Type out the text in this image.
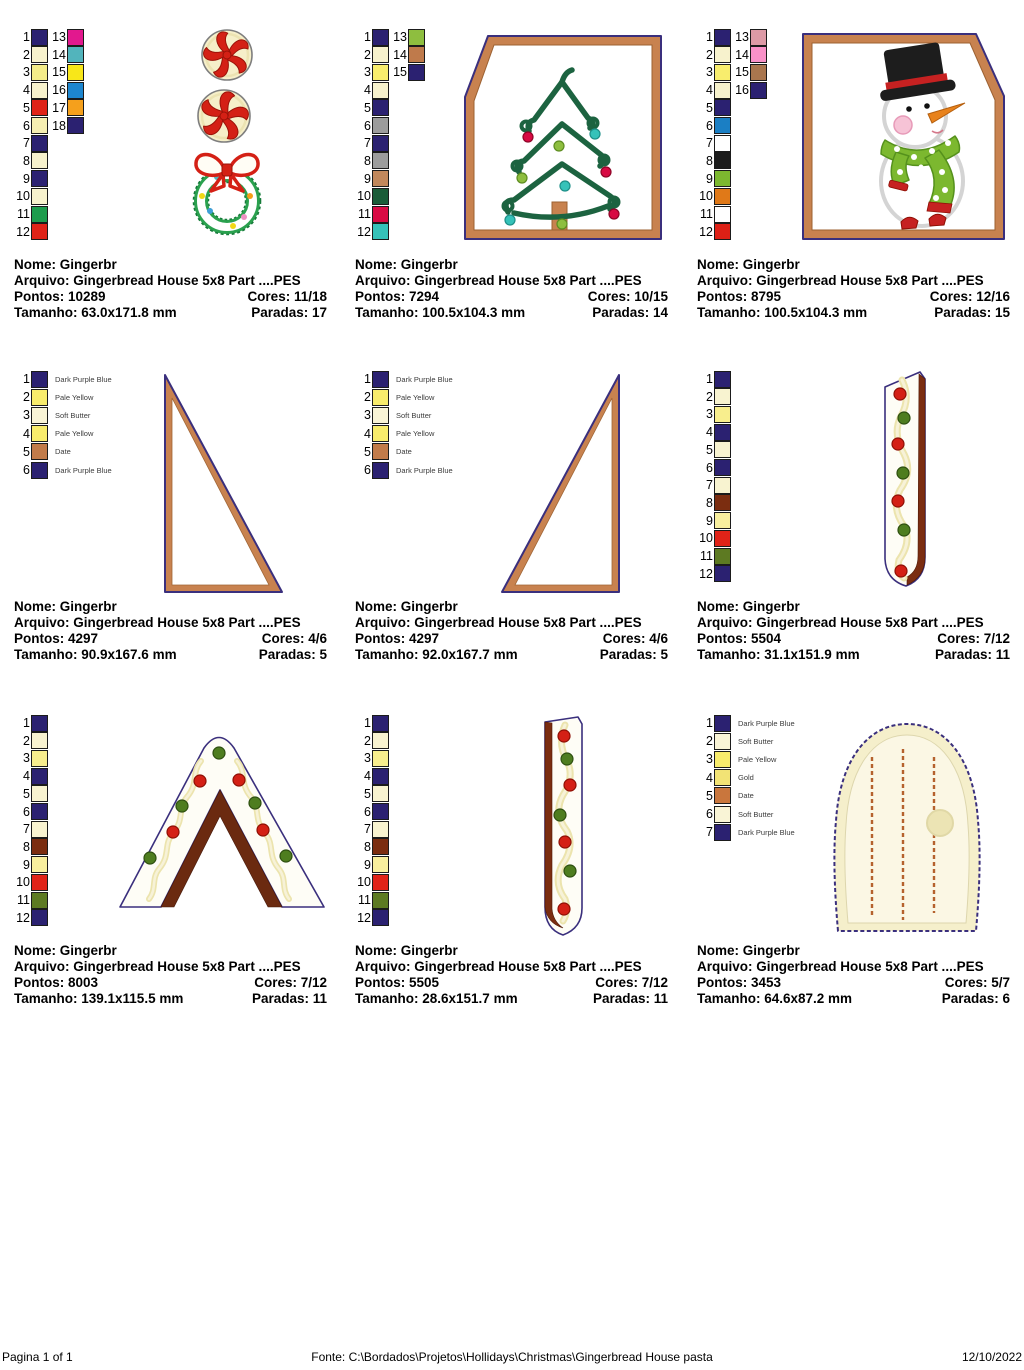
1
2
3
4
5
6
7
8
9
10
11
12
13
14
15
16
17
18
Nome: Gingerbr
Arquivo: Gingerbread House 5x8 Part ....PES
Pontos: 10289	Cores: 11/18
Tamanho: 63.0x171.8 mm	Paradas: 17
1
2
3
4
5
6
7
8
9
10
11
12
13
14
15
Nome: Gingerbr
Arquivo: Gingerbread House 5x8 Part ....PES
Pontos: 7294	Cores: 10/15
Tamanho: 100.5x104.3 mm	Paradas: 14
1
2
3
4
5
6
7
8
9
10
11
12
13
14
15
16
Nome: Gingerbr
Arquivo: Gingerbread House 5x8 Part ....PES
Pontos: 8795	Cores: 12/16
Tamanho: 100.5x104.3 mm	Paradas: 15
1	Dark Purple Blue
2	Pale Yellow
3	Soft Butter
4	Pale Yellow
5	Date
6	Dark Purple Blue
Nome: Gingerbr
Arquivo: Gingerbread House 5x8 Part ....PES
Pontos: 4297	Cores: 4/6
Tamanho: 90.9x167.6 mm	Paradas: 5
1	Dark Purple Blue
2	Pale Yellow
3	Soft Butter
4	Pale Yellow
5	Date
6	Dark Purple Blue
Nome: Gingerbr
Arquivo: Gingerbread House 5x8 Part ....PES
Pontos: 4297	Cores: 4/6
Tamanho: 92.0x167.7 mm	Paradas: 5
1
2
3
4
5
6
7
8
9
10
11
12
Nome: Gingerbr
Arquivo: Gingerbread House 5x8 Part ....PES
Pontos: 5504	Cores: 7/12
Tamanho: 31.1x151.9 mm	Paradas: 11
1
2
3
4
5
6
7
8
9
10
11
12
Nome: Gingerbr
Arquivo: Gingerbread House 5x8 Part ....PES
Pontos: 8003	Cores: 7/12
Tamanho: 139.1x115.5 mm	Paradas: 11
1
2
3
4
5
6
7
8
9
10
11
12
Nome: Gingerbr
Arquivo: Gingerbread House 5x8 Part ....PES
Pontos: 5505	Cores: 7/12
Tamanho: 28.6x151.7 mm	Paradas: 11
1	Dark Purple Blue
2	Soft Butter
3	Pale Yellow
4	Gold
5	Date
6	Soft Butter
7	Dark Purple Blue
Nome: Gingerbr
Arquivo: Gingerbread House 5x8 Part ....PES
Pontos: 3453	Cores: 5/7
Tamanho: 64.6x87.2 mm	Paradas: 6
Pagina 1 of 1	Fonte: C:\Bordados\Projetos\Hollidays\Christmas\Gingerbread House pasta	12/10/2022
